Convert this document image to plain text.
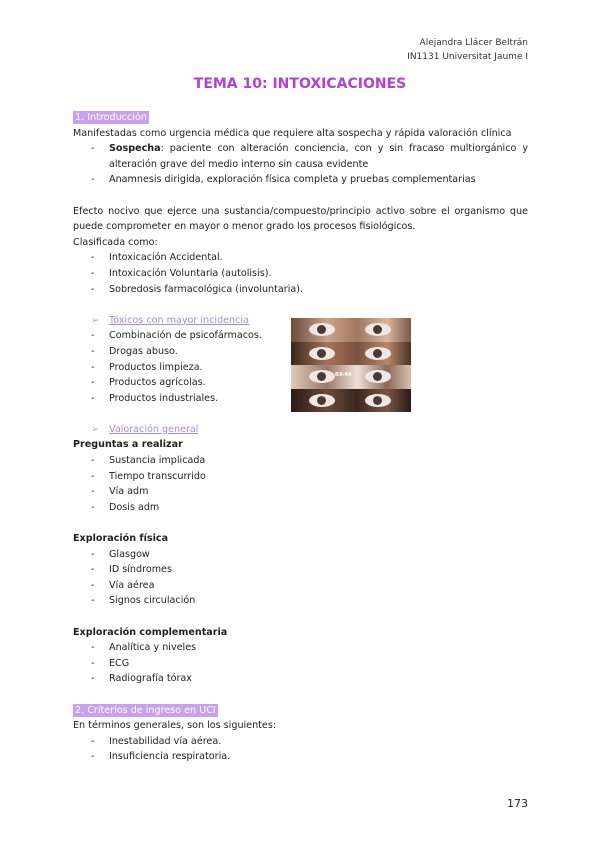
Alejandra Llácer Beltrán
IN1131 Universitat Jaume I
TEMA 10: INTOXICACIONES
1. Introducción

Manifestadas como urgencia médica que requiere alta sospecha y rápida valoración clínica

- Sospecha: paciente con alteración conciencia, con y sin fracaso multiorgánico y alteración grave del medio interno sin causa evidente
- Anamnesis dirigida, exploración física completa y pruebas complementarias

Efecto nocivo que ejerce una sustancia/compuesto/principio activo sobre el organismo que puede comprometer en mayor o menor grado los procesos fisiológicos.

Clasificada como:

- Intoxicación Accidental.
- Intoxicación Voluntaria (autolisis).
- Sobredosis farmacológica (involuntaria).
➢ Tóxicos con mayor incidencia
- Combinación de psicofármacos.
- Drogas abuso.
- Productos limpieza.
- Productos agrícolas.
- Productos industriales.
➢ Valoración general

Preguntas a realizar

- Sustancia implicada
- Tiempo transcurrido
- Vía adm
- Dosis adm

Exploración física

- Glasgow
- ID síndromes
- Vía aérea
- Signos circulación

Exploración complementaria

- Analítica y niveles
- ECG
- Radiografía tórax
2. Criterios de ingreso en UCI

En términos generales, son los siguientes:

- Inestabilidad vía aérea.
- Insuficiencia respiratoria.
RX-44
173
